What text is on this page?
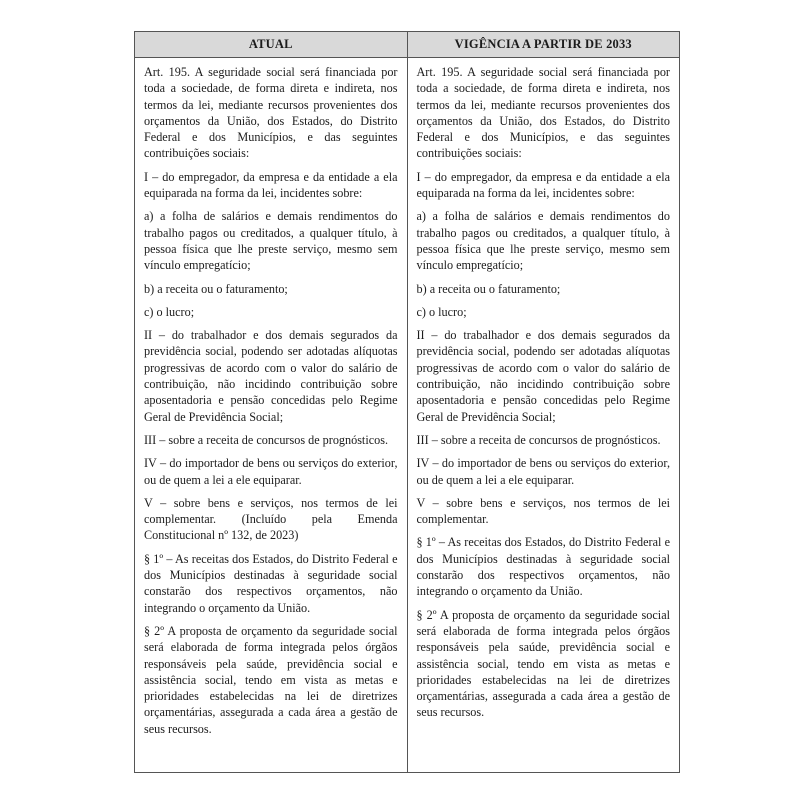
ATUAL	VIGÊNCIA A PARTIR DE 2033

Art. 195. A seguridade social será financiada por toda a sociedade, de forma direta e indireta, nos termos da lei, mediante recursos provenientes dos orçamentos da União, dos Estados, do Distrito Federal e dos Municípios, e das seguintes contribuições sociais:

I – do empregador, da empresa e da entidade a ela equiparada na forma da lei, incidentes sobre:

a) a folha de salários e demais rendimentos do trabalho pagos ou creditados, a qualquer título, à pessoa física que lhe preste serviço, mesmo sem vínculo empregatício;

b) a receita ou o faturamento;

c) o lucro;

II – do trabalhador e dos demais segurados da previdência social, podendo ser adotadas alíquotas progressivas de acordo com o valor do salário de contribuição, não incidindo contribuição sobre aposentadoria e pensão concedidas pelo Regime Geral de Previdência Social;

III – sobre a receita de concursos de prognósticos.

IV – do importador de bens ou serviços do exterior, ou de quem a lei a ele equiparar.

V – sobre bens e serviços, nos termos de lei complementar. (Incluído pela Emenda Constitucional nº 132, de 2023)

§ 1º – As receitas dos Estados, do Distrito Federal e dos Municípios destinadas à seguridade social constarão dos respectivos orçamentos, não integrando o orçamento da União.

§ 2º A proposta de orçamento da seguridade social será elaborada de forma integrada pelos órgãos responsáveis pela saúde, previdência social e assistência social, tendo em vista as metas e prioridades estabelecidas na lei de diretrizes orçamentárias, assegurada a cada área a gestão de seus recursos.

Art. 195. A seguridade social será financiada por toda a sociedade, de forma direta e indireta, nos termos da lei, mediante recursos provenientes dos orçamentos da União, dos Estados, do Distrito Federal e dos Municípios, e das seguintes contribuições sociais:

I – do empregador, da empresa e da entidade a ela equiparada na forma da lei, incidentes sobre:

a) a folha de salários e demais rendimentos do trabalho pagos ou creditados, a qualquer título, à pessoa física que lhe preste serviço, mesmo sem vínculo empregatício;

b) a receita ou o faturamento;

c) o lucro;

II – do trabalhador e dos demais segurados da previdência social, podendo ser adotadas alíquotas progressivas de acordo com o valor do salário de contribuição, não incidindo contribuição sobre aposentadoria e pensão concedidas pelo Regime Geral de Previdência Social;

III – sobre a receita de concursos de prognósticos.

IV – do importador de bens ou serviços do exterior, ou de quem a lei a ele equiparar.

V – sobre bens e serviços, nos termos de lei complementar.

§ 1º – As receitas dos Estados, do Distrito Federal e dos Municípios destinadas à seguridade social constarão dos respectivos orçamentos, não integrando o orçamento da União.

§ 2º A proposta de orçamento da seguridade social será elaborada de forma integrada pelos órgãos responsáveis pela saúde, previdência social e assistência social, tendo em vista as metas e prioridades estabelecidas na lei de diretrizes orçamentárias, assegurada a cada área a gestão de seus recursos.
